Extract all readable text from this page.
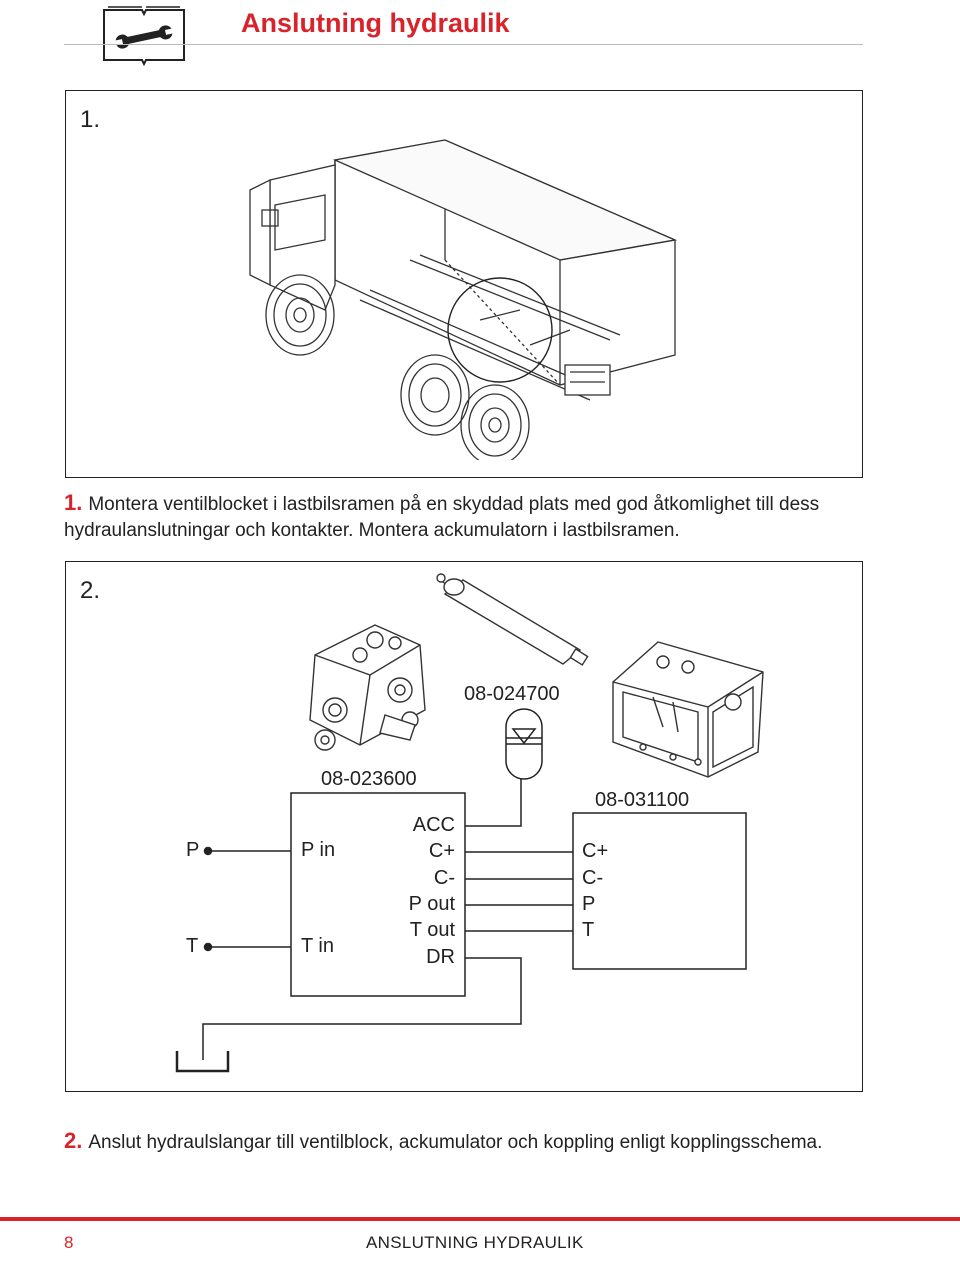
Anslutning hydraulik
1.
1. Montera ventilblocket i lastbilsramen på en skyddad plats med god åtkomlighet till dess hydraulanslutningar och kontakter. Montera ackumulatorn i lastbilsramen.
2.
08-024700
08-023600
08-031100
P
T
P in
T in
ACC
C+
C-
P out
T out
DR
C+
C-
P
T
2. Anslut hydraulslangar till ventilblock, ackumulator och koppling enligt kopplingsschema.
8	ANSLUTNING HYDRAULIK
